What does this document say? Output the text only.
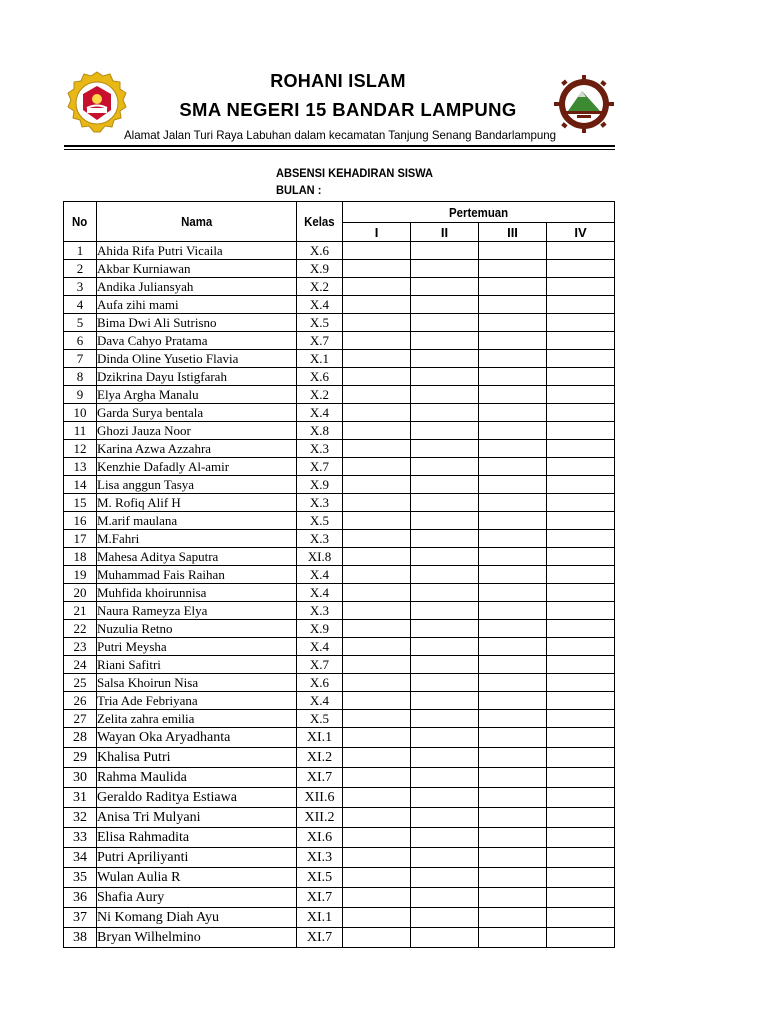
ROHANI ISLAM
SMA NEGERI 15 BANDAR LAMPUNG
Alamat Jalan Turi Raya Labuhan dalam kecamatan Tanjung Senang Bandarlampung
ABSENSI KEHADIRAN SISWA
BULAN :
No	Nama	Kelas	Pertemuan			
			I	II	III	IV
1	Ahida Rifa Putri Vicaila	X.6				
2	Akbar Kurniawan	X.9				
3	Andika Juliansyah	X.2				
4	Aufa zihi mami	X.4				
5	Bima Dwi Ali Sutrisno	X.5				
6	Dava Cahyo Pratama	X.7				
7	Dinda Oline Yusetio Flavia	X.1				
8	Dzikrina Dayu Istigfarah	X.6				
9	Elya Argha Manalu	X.2				
10	Garda Surya bentala	X.4				
11	Ghozi Jauza Noor	X.8				
12	Karina Azwa Azzahra	X.3				
13	Kenzhie Dafadly Al-amir	X.7				
14	Lisa anggun Tasya	X.9				
15	M. Rofiq Alif H	X.3				
16	M.arif maulana	X.5				
17	M.Fahri	X.3				
18	Mahesa Aditya Saputra	XI.8				
19	Muhammad Fais Raihan	X.4				
20	Muhfida khoirunnisa	X.4				
21	Naura Rameyza Elya	X.3				
22	Nuzulia Retno	X.9				
23	Putri Meysha	X.4				
24	Riani Safitri	X.7				
25	Salsa Khoirun Nisa	X.6				
26	Tria Ade Febriyana	X.4				
27	Zelita zahra emilia	X.5				
28	Wayan Oka Aryadhanta	XI.1				
29	Khalisa Putri	XI.2				
30	Rahma Maulida	XI.7				
31	Geraldo Raditya Estiawa	XII.6				
32	Anisa Tri Mulyani	XII.2				
33	Elisa Rahmadita	XI.6				
34	Putri Apriliyanti	XI.3				
35	Wulan Aulia R	XI.5				
36	Shafia Aury	XI.7				
37	Ni Komang Diah Ayu	XI.1				
38	Bryan Wilhelmino	XI.7				
